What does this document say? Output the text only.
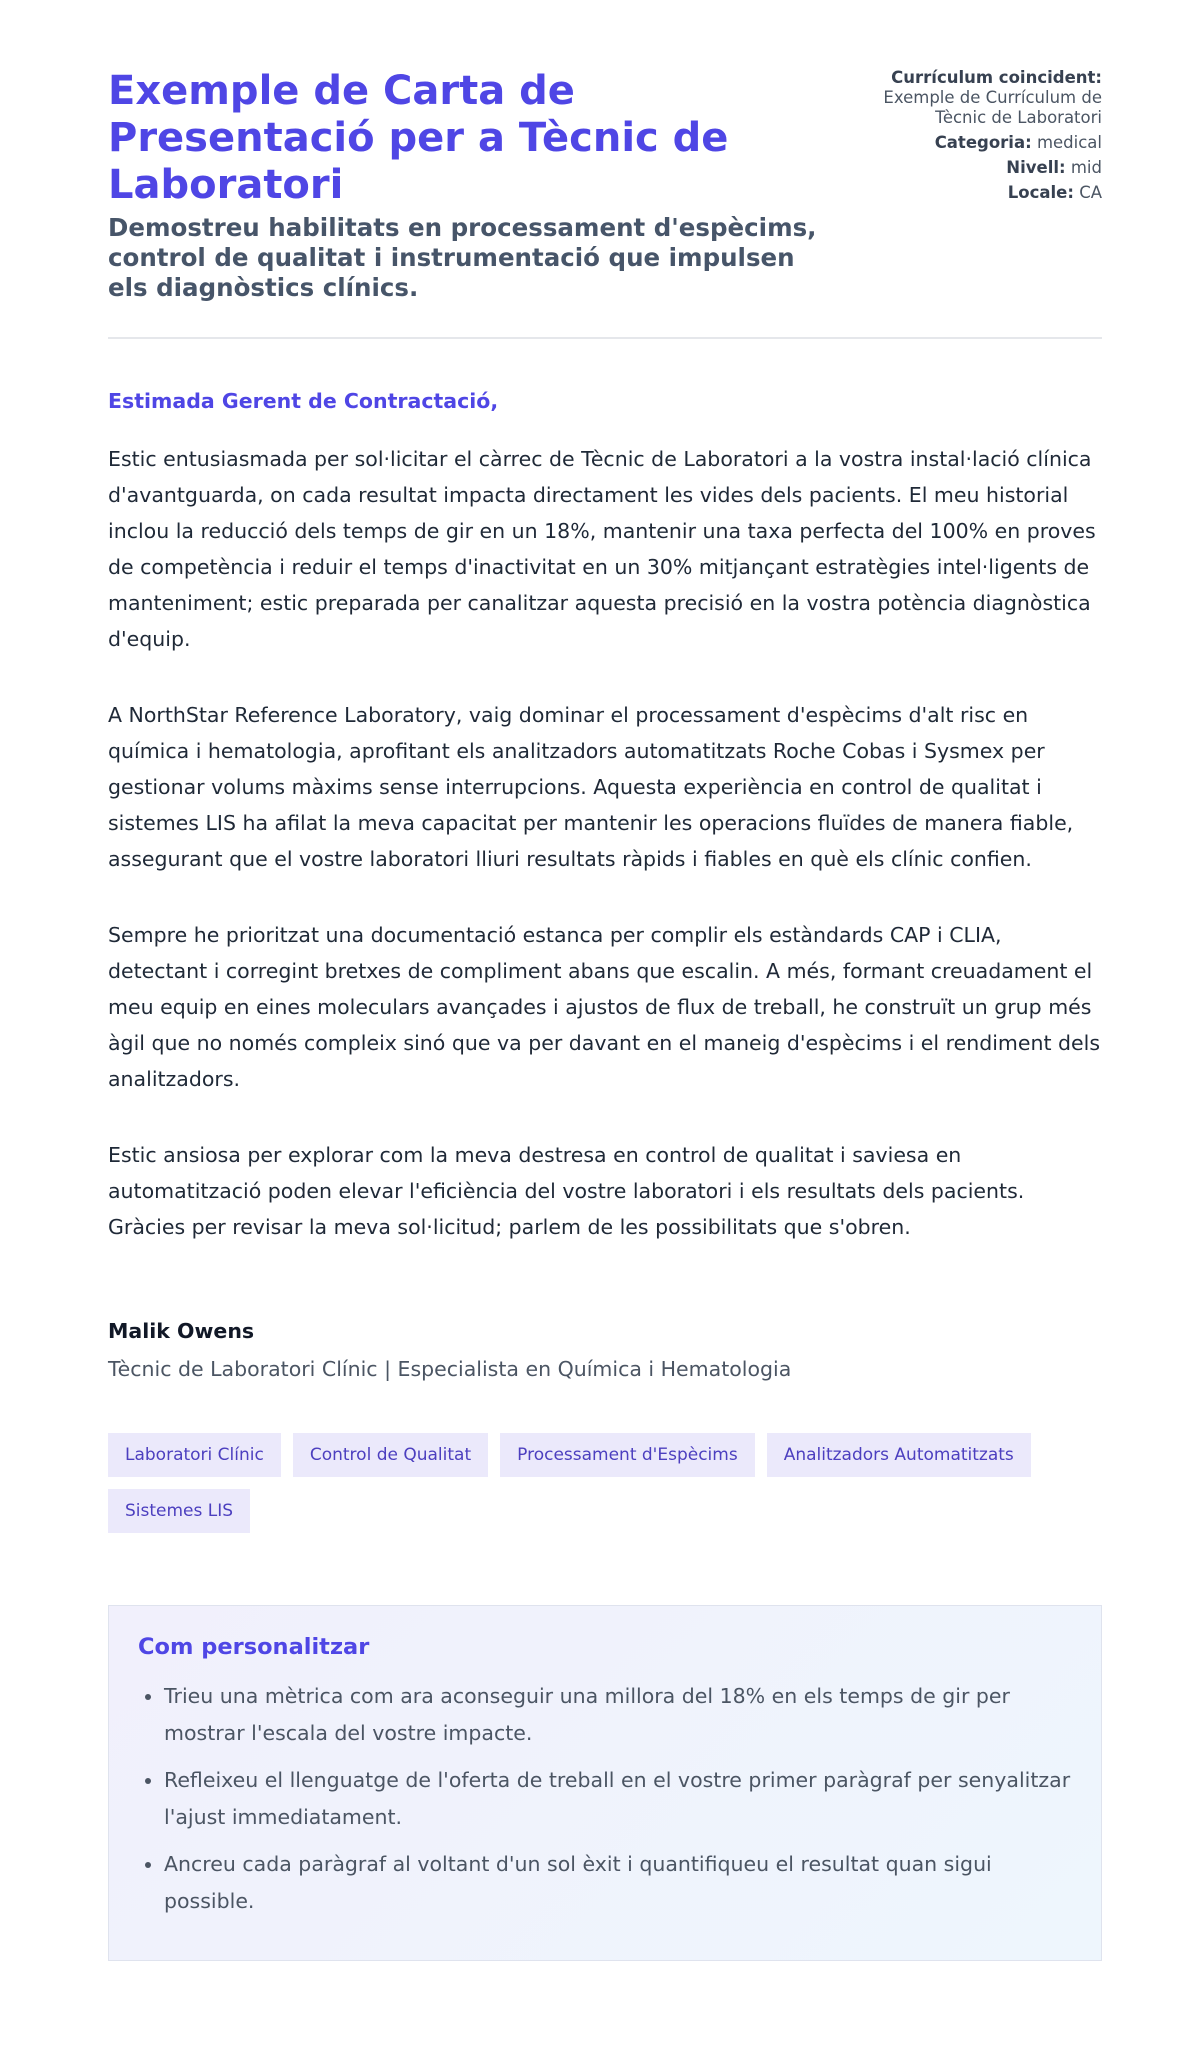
Exemple de Carta de Presentació per a Tècnic de Laboratori
Demostreu habilitats en processament d'espècims, control de qualitat i instrumentació que impulsen els diagnòstics clínics.
Currículum coincident:
Exemple de Currículum de Tècnic de Laboratori
Categoria: medical
Nivell: mid
Locale: CA
Estimada Gerent de Contractació,

Estic entusiasmada per sol·licitar el càrrec de Tècnic de Laboratori a la vostra instal·lació clínica d'avantguarda, on cada resultat impacta directament les vides dels pacients. El meu historial inclou la reducció dels temps de gir en un 18%, mantenir una taxa perfecta del 100% en proves de competència i reduir el temps d'inactivitat en un 30% mitjançant estratègies intel·ligents de manteniment; estic preparada per canalitzar aquesta precisió en la vostra potència diagnòstica d'equip.

A NorthStar Reference Laboratory, vaig dominar el processament d'espècims d'alt risc en química i hematologia, aprofitant els analitzadors automatitzats Roche Cobas i Sysmex per gestionar volums màxims sense interrupcions. Aquesta experiència en control de qualitat i sistemes LIS ha afilat la meva capacitat per mantenir les operacions fluïdes de manera fiable, assegurant que el vostre laboratori lliuri resultats ràpids i fiables en què els clínic confien.

Sempre he prioritzat una documentació estanca per complir els estàndards CAP i CLIA, detectant i corregint bretxes de compliment abans que escalin. A més, formant creuadament el meu equip en eines moleculars avançades i ajustos de flux de treball, he construït un grup més àgil que no només compleix sinó que va per davant en el maneig d'espècims i el rendiment dels analitzadors.

Estic ansiosa per explorar com la meva destresa en control de qualitat i saviesa en automatització poden elevar l'eficiència del vostre laboratori i els resultats dels pacients. Gràcies per revisar la meva sol·licitud; parlem de les possibilitats que s'obren.

Malik Owens
Tècnic de Laboratori Clínic | Especialista en Química i Hematologia
Laboratori Clínic	Control de Qualitat	Processament d'Espècims	Analitzadors Automatitzats
Sistemes LIS
Com personalitzar
• Trieu una mètrica com ara aconseguir una millora del 18% en els temps de gir per mostrar l'escala del vostre impacte.
• Refleixeu el llenguatge de l'oferta de treball en el vostre primer paràgraf per senyalitzar l'ajust immediatament.
• Ancreu cada paràgraf al voltant d'un sol èxit i quantifiqueu el resultat quan sigui possible.
